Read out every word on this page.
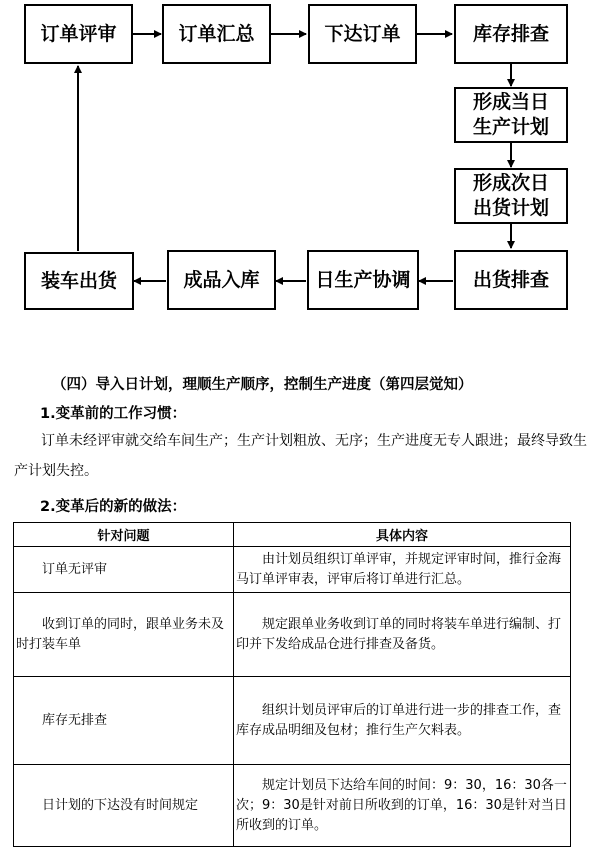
订单评审	订单汇总	下达订单	库存排查
形成当日
生产计划
形成次日
出货计划
出货排查
日生产协调
成品入库
装车出货
（四）导入日计划，理顺生产顺序，控制生产进度（第四层觉知）
1.变革前的工作习惯：
订单未经评审就交给车间生产；生产计划粗放、无序；生产进度无专人跟进；最终导致生产计划失控。
2.变革后的新的做法：
针对问题	具体内容
订单无评审	由计划员组织订单评审，并规定评审时间，推行金海马订单评审表，评审后将订单进行汇总。
收到订单的同时，跟单业务未及时打装车单	规定跟单业务收到订单的同时将装车单进行编制、打印并下发给成品仓进行排查及备货。
库存无排查	组织计划员评审后的订单进行进一步的排查工作，查库存成品明细及包材；推行生产欠料表。
日计划的下达没有时间规定	规定计划员下达给车间的时间：9：30，16：30各一次；9：30是针对前日所收到的订单，16：30是针对当日所收到的订单。
